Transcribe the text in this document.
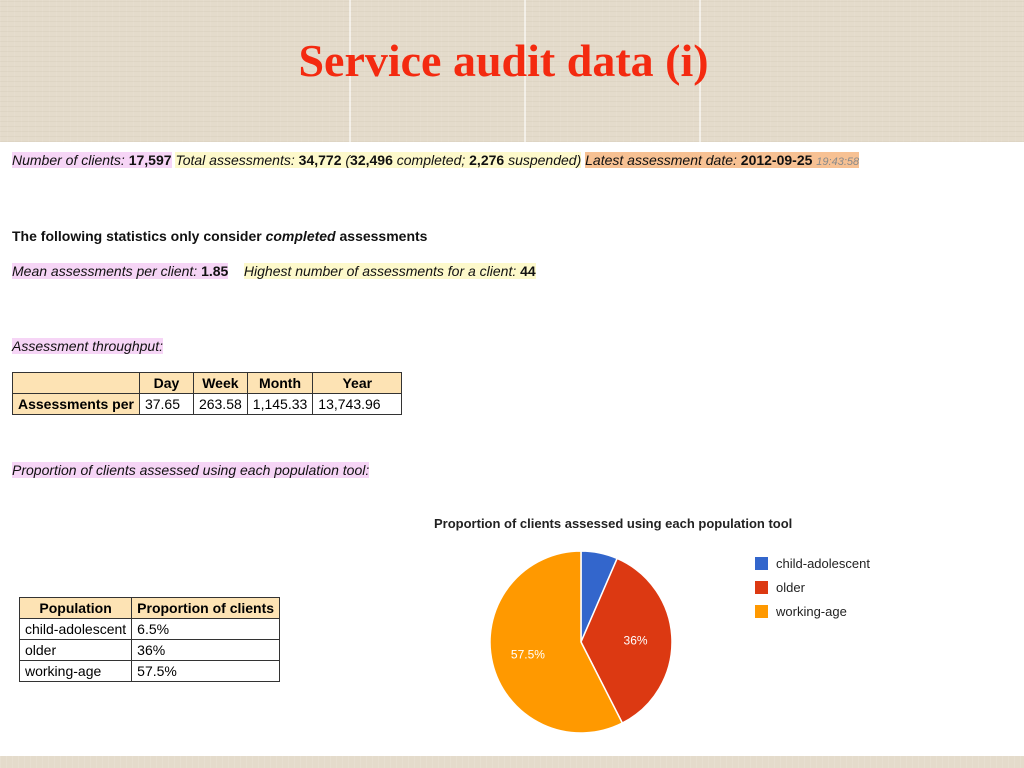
Service audit data (i)
Number of clients: 17,597 Total assessments: 34,772 (32,496 completed; 2,276 suspended) Latest assessment date: 2012-09-25 19:43:58
The following statistics only consider completed assessments
Mean assessments per client: 1.85 Highest number of assessments for a client: 44
Assessment throughput:
	Day	Week	Month	Year
Assessments per	37.65	263.58	1,145.33	13,743.96
Proportion of clients assessed using each population tool:
Population	Proportion of clients
child-adolescent	6.5%
older	36%
working-age	57.5%
Proportion of clients assessed using each population tool
36%
57.5%
child-adolescent
older
working-age
